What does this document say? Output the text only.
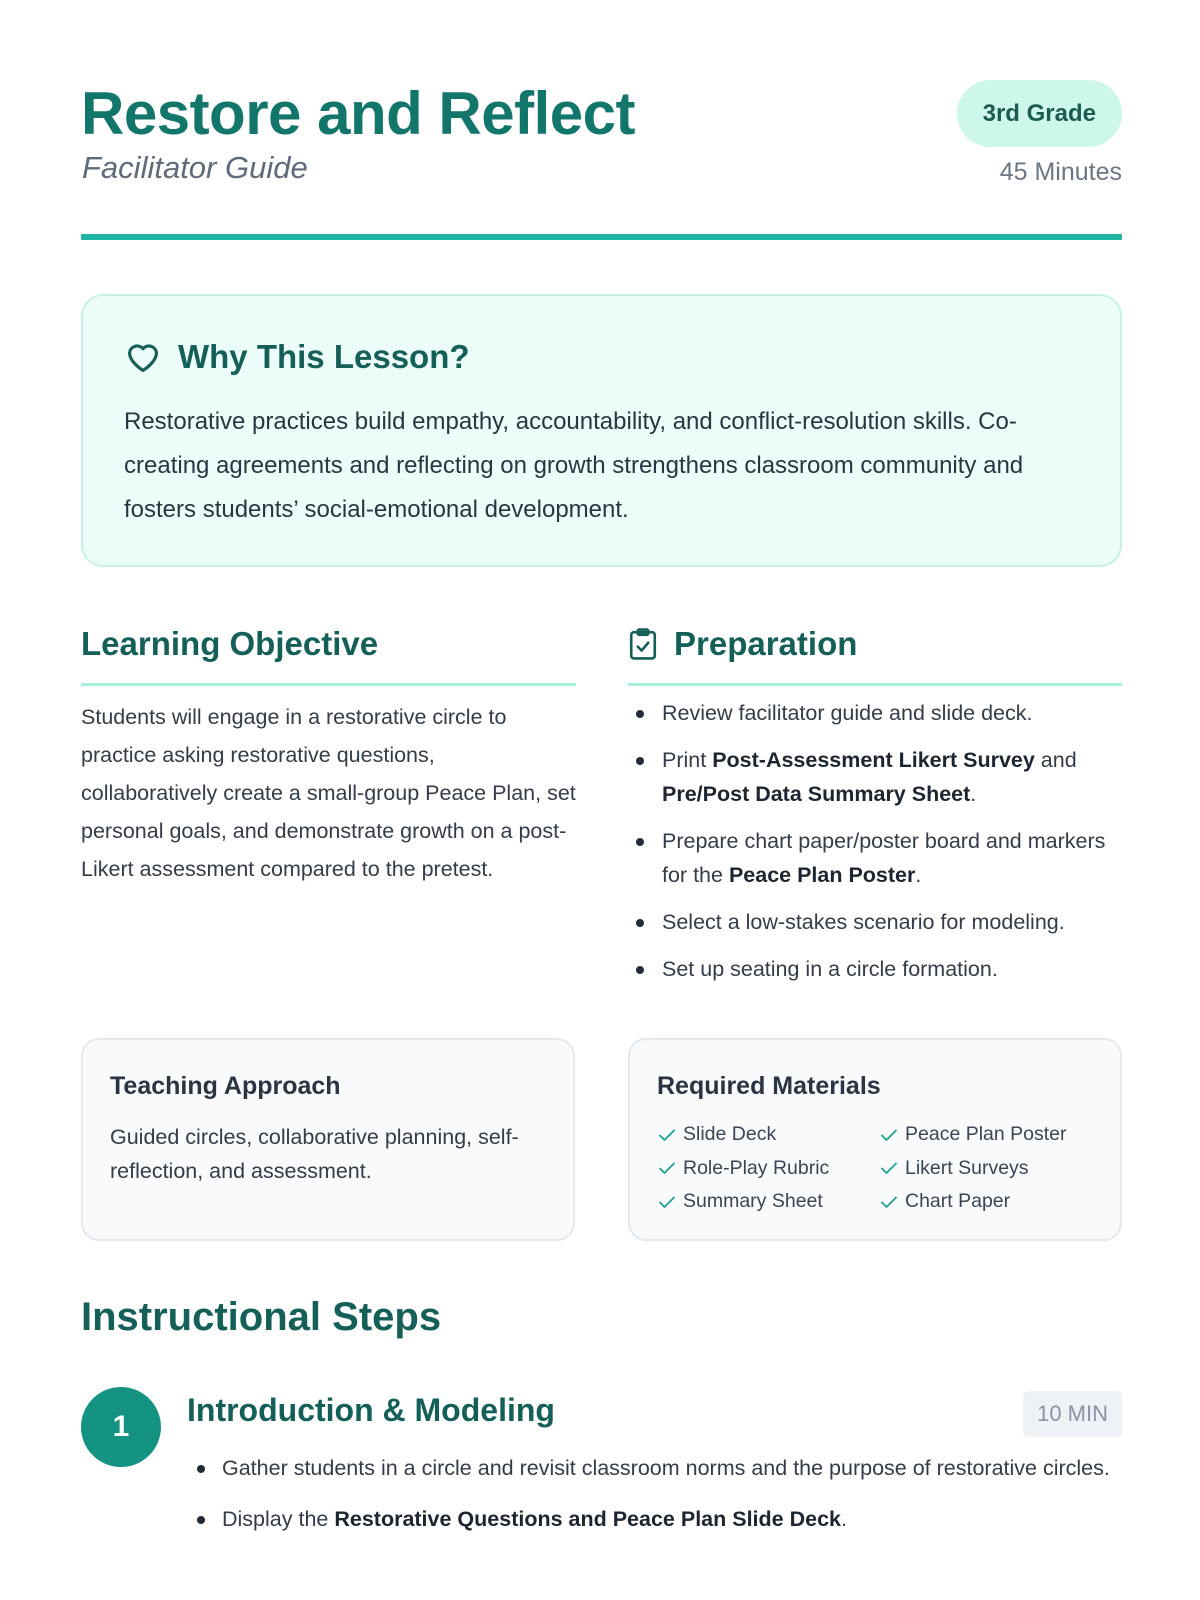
Restore and Reflect
Facilitator Guide
3rd Grade
45 Minutes
Why This Lesson?
Restorative practices build empathy, accountability, and conflict-resolution skills. Co-creating agreements and reflecting on growth strengthens classroom community and fosters students’ social-emotional development.
Learning Objective
Students will engage in a restorative circle to practice asking restorative questions, collaboratively create a small-group Peace Plan, set personal goals, and demonstrate growth on a post-Likert assessment compared to the pretest.
Preparation
Review facilitator guide and slide deck.
Print Post-Assessment Likert Survey and Pre/Post Data Summary Sheet.
Prepare chart paper/poster board and markers for the Peace Plan Poster.
Select a low-stakes scenario for modeling.
Set up seating in a circle formation.
Teaching Approach
Guided circles, collaborative planning, self-reflection, and assessment.
Required Materials
Slide Deck	Peace Plan Poster
Role-Play Rubric	Likert Surveys
Summary Sheet	Chart Paper
Instructional Steps
1	Introduction & Modeling	10 MIN
Gather students in a circle and revisit classroom norms and the purpose of restorative circles.
Display the Restorative Questions and Peace Plan Slide Deck.
